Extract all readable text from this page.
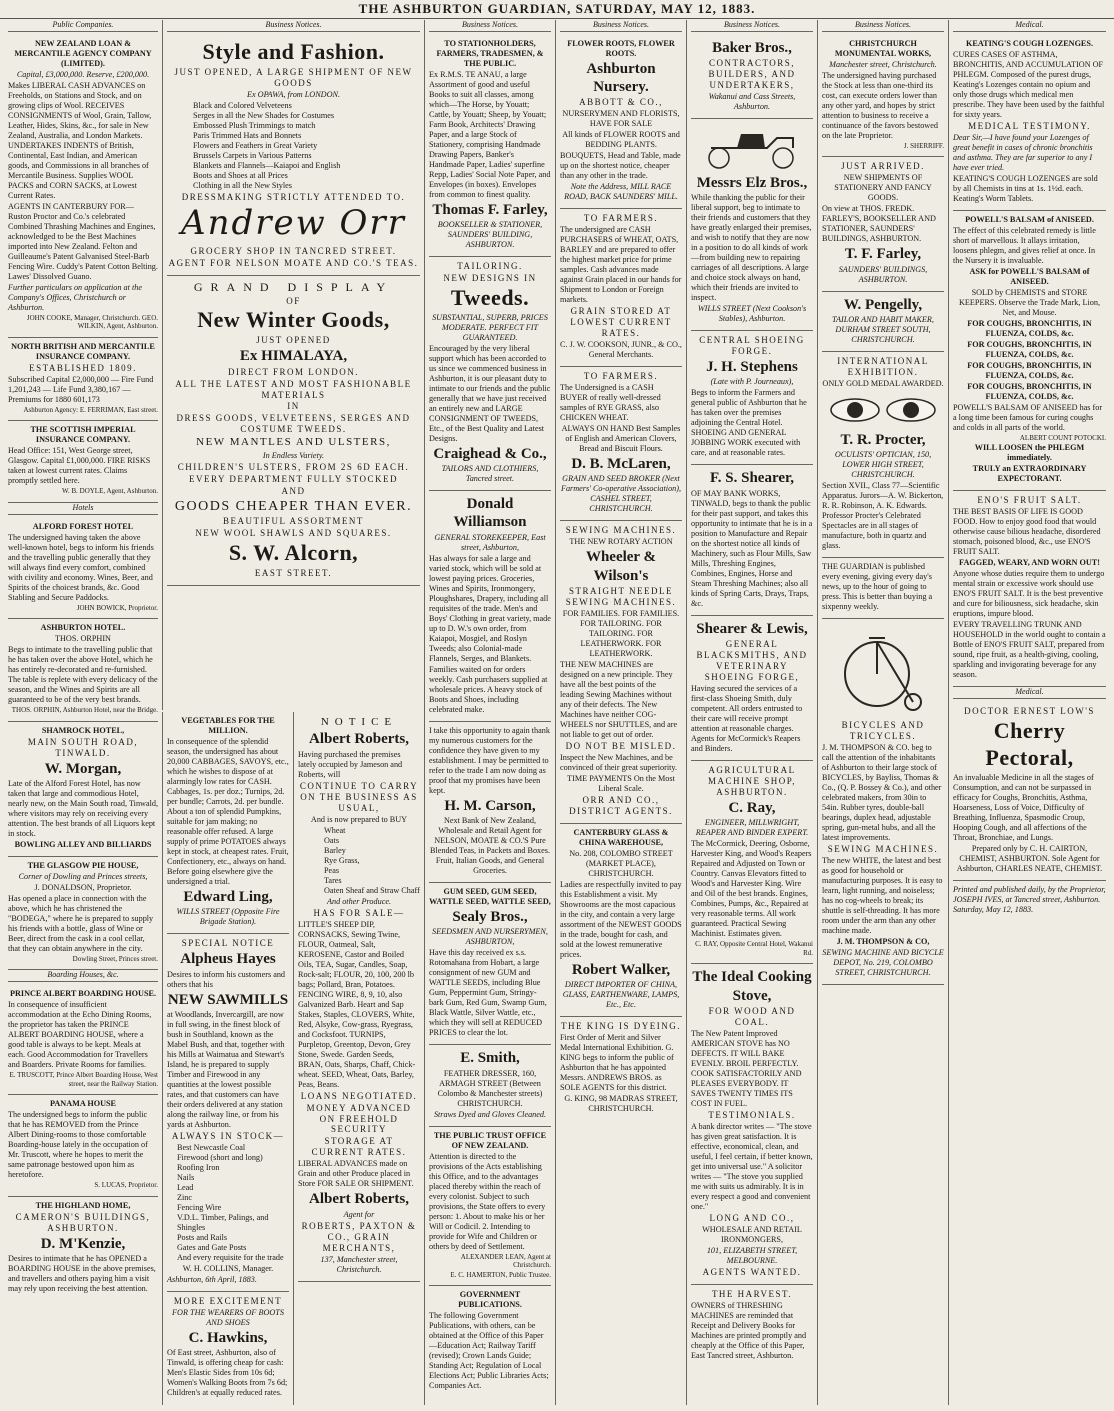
THE ASHBURTON GUARDIAN, SATURDAY, MAY 12, 1883.
Public Companies.

NEW ZEALAND LOAN & MERCANTILE AGENCY COMPANY (LIMITED).

Capital, £3,000,000. Reserve, £200,000.

Makes LIBERAL CASH ADVANCES on Freeholds, on Stations and Stock, and on growing clips of Wool. RECEIVES CONSIGNMENTS of Wool, Grain, Tallow, Leather, Hides, Skins, &c., for sale in New Zealand, Australia, and London Markets. UNDERTAKES INDENTS of British, Continental, East Indian, and American goods, and Commissions in all branches of Mercantile Business. Supplies WOOL PACKS and CORN SACKS, at Lowest Current Rates.

AGENTS IN CANTERBURY FOR— Ruston Proctor and Co.'s celebrated Combined Thrashing Machines and Engines, acknowledged to be the Best Machines imported into New Zealand. Felton and Guilleaume's Patent Galvanised Steel-Barb Fencing Wire. Cuddy's Patent Cotton Belting. Lawes' Dissolved Guano.

Further particulars on application at the Company's Offices, Christchurch or Ashburton.

JOHN COOKE, Manager, Christchurch. GEO. WILKIN, Agent, Ashburton.

NORTH BRITISH AND MERCANTILE INSURANCE COMPANY.

ESTABLISHED 1809.

Subscribed Capital £2,000,000 — Fire Fund 1,201,243 — Life Fund 3,380,167 — Premiums for 1880 601,173

Ashburton Agency: E. FERRIMAN, East street.

THE SCOTTISH IMPERIAL INSURANCE COMPANY.

Head Office: 151, West George street, Glasgow. Capital £1,000,000. FIRE RISKS taken at lowest current rates. Claims promptly settled here.

W. B. DOYLE, Agent, Ashburton.

Hotels

ALFORD FOREST HOTEL

The undersigned having taken the above well-known hotel, begs to inform his friends and the travelling public generally that they will always find every comfort, combined with civility and economy. Wines, Beer, and Spirits of the choicest brands, &c. Good Stabling and Secure Paddocks.

JOHN BOWICK, Proprietor.

ASHBURTON HOTEL.

THOS. ORPHIN

Begs to intimate to the travelling public that he has taken over the above Hotel, which he has entirely re-decorated and re-furnished. The table is replete with every delicacy of the season, and the Wines and Spirits are all guaranteed to be of the very best brands.

THOS. ORPHIN, Ashburton Hotel, near the Bridge.

SHAMROCK HOTEL,

MAIN SOUTH ROAD, TINWALD.

W. Morgan,

Late of the Alford Forest Hotel, has now taken that large and commodious Hotel, nearly new, on the Main South road, Tinwald, where visitors may rely on receiving every attention. The best brands of all Liquors kept in stock.

BOWLING ALLEY AND BILLIARDS

THE GLASGOW PIE HOUSE,

Corner of Dowling and Princes streets,

J. DONALDSON, Proprietor.

Has opened a place in connection with the above, which he has christened the "BODEGA," where he is prepared to supply his friends with a bottle, glass of Wine or Beer, direct from the cask in a cool cellar, that they can obtain anywhere in the city.

Dowling Street, Princes street.

Boarding Houses, &c.

PRINCE ALBERT BOARDING HOUSE.

In consequence of insufficient accommodation at the Echo Dining Rooms, the proprietor has taken the PRINCE ALBERT BOARDING HOUSE, where a good table is always to be kept. Meals at each. Good Accommodation for Travellers and Boarders. Private Rooms for families.

E. TRUSCOTT, Prince Albert Boarding House, West street, near the Railway Station.

PANAMA HOUSE

The undersigned begs to inform the public that he has REMOVED from the Prince Albert Dining-rooms to those comfortable Boarding-house lately in the occupation of Mr. Truscott, where he hopes to merit the same patronage bestowed upon him as heretofore.

S. LUCAS, Proprietor.

THE HIGHLAND HOME,

CAMERON'S BUILDINGS, ASHBURTON.

D. M'Kenzie,

Desires to intimate that he has OPENED a BOARDING HOUSE in the above premises, and travellers and others paying him a visit may rely upon receiving the best attention.

Business Notices.

Style and Fashion.

JUST OPENED, A LARGE SHIPMENT OF NEW GOODS

Ex OPAWA, from LONDON.

Black and Colored Velveteens
Serges in all the New Shades for Costumes
Embossed Plush Trimmings to match
Paris Trimmed Hats and Bonnets
Flowers and Feathers in Great Variety
Brussels Carpets in Various Patterns
Blankets and Flannels—Kaiapoi and English
Boots and Shoes at all Prices
Clothing in all the New Styles

DRESSMAKING STRICTLY ATTENDED TO.

Andrew Orr

GROCERY SHOP IN TANCRED STREET.

AGENT FOR NELSON MOATE AND CO.'S TEAS.

GRAND DISPLAY

OF

New Winter Goods,

JUST OPENED

Ex HIMALAYA,

DIRECT FROM LONDON.

ALL THE LATEST AND MOST FASHIONABLE MATERIALS

IN

DRESS GOODS, VELVETEENS, SERGES AND COSTUME TWEEDS.

NEW MANTLES AND ULSTERS,

In Endless Variety.

CHILDREN'S ULSTERS, FROM 2S 6D EACH.

EVERY DEPARTMENT FULLY STOCKED

AND

GOODS CHEAPER THAN EVER.

BEAUTIFUL ASSORTMENT

NEW WOOL SHAWLS AND SQUARES.

S. W. Alcorn,

EAST STREET.

VEGETABLES FOR THE MILLION.

In consequence of the splendid season, the undersigned has about 20,000 CABBAGES, SAVOYS, etc., which he wishes to dispose of at alarmingly low rates for CASH. Cabbages, 1s. per doz.; Turnips, 2d. per bundle; Carrots, 2d. per bundle. About a ton of splendid Pumpkins, suitable for jam making; no reasonable offer refused. A large supply of prime POTATOES always kept in stock, at cheapest rates. Fruit, Confectionery, etc., always on hand. Before going elsewhere give the undersigned a trial.

Edward Ling,

WILLS STREET (Opposite Fire Brigade Station).

SPECIAL NOTICE

Alpheus Hayes

Desires to inform his customers and others that his

NEW SAWMILLS

at Woodlands, Invercargill, are now in full swing, in the finest block of bush in Southland, known as the Mabel Bush, and that, together with his Mills at Waimatua and Stewart's Island, he is prepared to supply Timber and Firewood in any quantities at the lowest possible rates, and that customers can have their orders delivered at any station along the railway line, or from his yards at Ashburton.

ALWAYS IN STOCK—

Best Newcastle Coal
Firewood (short and long)
Roofing Iron
Nails
Lead
Zinc
Fencing Wire
V.D.L. Timber, Palings, and Shingles
Posts and Rails
Gates and Gate Posts
And every requisite for the trade

W. H. COLLINS, Manager.

Ashburton, 6th April, 1883.

MORE EXCITEMENT

FOR THE WEARERS OF BOOTS AND SHOES

C. Hawkins,

Of East street, Ashburton, also of Tinwald, is offering cheap for cash: Men's Elastic Sides from 10s 6d; Women's Walking Boots from 7s 6d; Children's at equally reduced rates.

NOTICE

Albert Roberts,

Having purchased the premises lately occupied by Jameson and Roberts, will

CONTINUE TO CARRY ON THE BUSINESS AS USUAL,

And is now prepared to BUY

Wheat
Oats
Barley
Rye Grass,
Peas
Tares
Oaten Sheaf and Straw Chaff

And other Produce.

HAS FOR SALE—

LITTLE'S SHEEP DIP, CORNSACKS, Sewing Twine, FLOUR, Oatmeal, Salt, KEROSENE, Castor and Boiled Oils, TEA, Sugar, Candles, Soap, Rock-salt; FLOUR, 20, 100, 200 lb bags; Pollard, Bran, Potatoes. FENCING WIRE, 8, 9, 10, also Galvanized Barb. Heart and Sap Stakes, Staples, CLOVERS, White, Red, Alsyke, Cow-grass, Ryegrass, and Cocksfoot. TURNIPS, Purpletop, Greentop, Devon, Grey Stone, Swede. Garden Seeds, BRAN, Oats, Sharps, Chaff, Chick-wheat. SEED, Wheat, Oats, Barley, Peas, Beans.

LOANS NEGOTIATED.

MONEY ADVANCED ON FREEHOLD SECURITY

STORAGE AT CURRENT RATES.

LIBERAL ADVANCES made on Grain and other Produce placed in Store FOR SALE OR SHIPMENT.

Albert Roberts,

Agent for

ROBERTS, PAXTON & CO., GRAIN MERCHANTS,

137, Manchester street, Christchurch.

Business Notices.

TO STATIONHOLDERS, FARMERS, TRADESMEN, & THE PUBLIC.

Ex R.M.S. TE ANAU, a large Assortment of good and useful Books to suit all classes, among which—The Horse, by Youatt; Cattle, by Youatt; Sheep, by Youatt; Farm Book, Architects' Drawing Paper, and a large Stock of Stationery, comprising Handmade Drawing Papers, Banker's Handmade Paper, Ladies' superfine Repp, Ladies' Social Note Paper, and Envelopes (in boxes). Envelopes from common to finest quality.

Thomas F. Farley,

BOOKSELLER & STATIONER, SAUNDERS' BUILDING, ASHBURTON.

TAILORING.

NEW DESIGNS IN

Tweeds.

SUBSTANTIAL, SUPERB, PRICES MODERATE. PERFECT FIT GUARANTEED.

Encouraged by the very liberal support which has been accorded to us since we commenced business in Ashburton, it is our pleasant duty to intimate to our friends and the public generally that we have just received an entirely new and LARGE CONSIGNMENT OF TWEEDS, Etc., of the Best Quality and Latest Designs.

Craighead & Co.,

TAILORS AND CLOTHIERS, Tancred street.

Donald Williamson

GENERAL STOREKEEPER, East street, Ashburton,

Has always for sale a large and varied stock, which will be sold at lowest paying prices. Groceries, Wines and Spirits, Ironmongery, Ploughshares, Drapery, including all requisites of the trade. Men's and Boys' Clothing in great variety, made up to D. W.'s own order, from Kaiapoi, Mosgiel, and Roslyn Tweeds; also Colonial-made Flannels, Serges, and Blankets.

Families waited on for orders weekly. Cash purchasers supplied at wholesale prices. A heavy stock of Boots and Shoes, including celebrated make.

I take this opportunity to again thank my numerous customers for the confidence they have given to my establishment. I may be permitted to refer to the trade I am now doing as proof that my promises have been kept.

H. M. Carson,

Next Bank of New Zealand, Wholesale and Retail Agent for NELSON, MOATE & CO.'S Pure Blended Teas, in Packets and Boxes. Fruit, Italian Goods, and General Groceries.

GUM SEED, GUM SEED, WATTLE SEED, WATTLE SEED,

Sealy Bros.,

SEEDSMEN AND NURSERYMEN, ASHBURTON,

Have this day received ex s.s. Rotomahana from Hobart, a large consignment of new GUM and WATTLE SEEDS, including Blue Gum, Peppermint Gum, Stringy-bark Gum, Red Gum, Swamp Gum, Black Wattle, Silver Wattle, etc., which they will sell at REDUCED PRICES to clear the lot.

E. Smith,

FEATHER DRESSER, 160, ARMAGH STREET (Between Colombo & Manchester streets) CHRISTCHURCH.

Straws Dyed and Gloves Cleaned.

THE PUBLIC TRUST OFFICE OF NEW ZEALAND.

Attention is directed to the provisions of the Acts establishing this Office, and to the advantages placed thereby within the reach of every colonist. Subject to such provisions, the State offers to every person: 1. About to make his or her Will or Codicil. 2. Intending to provide for Wife and Children or others by deed of Settlement.

ALEXANDER LEAN, Agent at Christchurch.

E. C. HAMERTON, Public Trustee.

GOVERNMENT PUBLICATIONS.

The following Government Publications, with others, can be obtained at the Office of this Paper—Education Act; Railway Tariff (revised); Crown Lands Guide; Standing Act; Regulation of Local Elections Act; Public Libraries Acts; Companies Act.

Business Notices.

FLOWER ROOTS, FLOWER ROOTS.

Ashburton Nursery.

ABBOTT & CO.,

NURSERYMEN AND FLORISTS, HAVE FOR SALE

All kinds of FLOWER ROOTS and BEDDING PLANTS.

BOUQUETS, Head and Table, made up on the shortest notice, cheaper than any other in the trade.

Note the Address, MILL RACE ROAD, BACK SAUNDERS' MILL.

TO FARMERS.

The undersigned are CASH PURCHASERS of WHEAT, OATS, BARLEY and are prepared to offer the highest market price for prime samples. Cash advances made against Grain placed in our hands for Shipment to London or Foreign markets.

GRAIN STORED AT LOWEST CURRENT RATES.

C. J. W. COOKSON, JUNR., & CO., General Merchants.

TO FARMERS.

The Undersigned is a CASH BUYER of really well-dressed samples of RYE GRASS, also CHICKEN WHEAT.

ALWAYS ON HAND Best Samples of English and American Clovers, Bread and Biscuit Flours.

D. B. McLaren,

GRAIN AND SEED BROKER (Next Farmers' Co-operative Association), CASHEL STREET, CHRISTCHURCH.

SEWING MACHINES.

THE NEW ROTARY ACTION

Wheeler & Wilson's

STRAIGHT NEEDLE SEWING MACHINES.

FOR FAMILIES. FOR FAMILIES. FOR TAILORING. FOR TAILORING. FOR LEATHERWORK. FOR LEATHERWORK.

THE NEW MACHINES are designed on a new principle. They have all the best points of the leading Sewing Machines without any of their defects. The New Machines have neither COG-WHEELS nor SHUTTLES, and are not liable to get out of order.

DO NOT BE MISLED.

Inspect the New Machines, and be convinced of their great superiority.

TIME PAYMENTS On the Most Liberal Scale.

ORR AND CO., DISTRICT AGENTS.

CANTERBURY GLASS & CHINA WAREHOUSE,

No. 208, COLOMBO STREET (MARKET PLACE), CHRISTCHURCH.

Ladies are respectfully invited to pay this Establishment a visit. My Showrooms are the most capacious in the city, and contain a very large assortment of the NEWEST GOODS in the trade, bought for cash, and sold at the lowest remunerative prices.

Robert Walker,

DIRECT IMPORTER OF CHINA, GLASS, EARTHENWARE, LAMPS, Etc., Etc.

THE KING IS DYEING.

First Order of Merit and Silver Medal International Exhibition. G. KING begs to inform the public of Ashburton that he has appointed Messrs. ANDREWS BROS. as SOLE AGENTS for this district.

G. KING, 98 MADRAS STREET, CHRISTCHURCH.

Business Notices.

Baker Bros.,

CONTRACTORS, BUILDERS, AND UNDERTAKERS,

Wakanui and Cass Streets, Ashburton.

Messrs Elz Bros.,

While thanking the public for their liberal support, beg to intimate to their friends and customers that they have greatly enlarged their premises, and wish to notify that they are now in a position to do all kinds of work—from building new to repairing carriages of all descriptions. A large and choice stock always on hand, which their friends are invited to inspect.

WILLS STREET (Next Cookson's Stables), Ashburton.

CENTRAL SHOEING FORGE.

J. H. Stephens

(Late with P. Journeaux),

Begs to inform the Farmers and general public of Ashburton that he has taken over the premises adjoining the Central Hotel. SHOEING AND GENERAL JOBBING WORK executed with care, and at reasonable rates.

F. S. Shearer,

OF MAY BANK WORKS, TINWALD, begs to thank the public for their past support, and takes this opportunity to intimate that he is in a position to Manufacture and Repair on the shortest notice all kinds of Machinery, such as Flour Mills, Saw Mills, Threshing Engines, Combines, Engines, Horse and Steam Threshing Machines; also all kinds of Spring Carts, Drays, Traps, &c.

Shearer & Lewis,

GENERAL BLACKSMITHS, AND VETERINARY SHOEING FORGE,

Having secured the services of a first-class Shoeing Smith, duly competent. All orders entrusted to their care will receive prompt attention at reasonable charges. Agents for McCormick's Reapers and Binders.

AGRICULTURAL MACHINE SHOP, ASHBURTON.

C. Ray,

ENGINEER, MILLWRIGHT, REAPER AND BINDER EXPERT.

The McCormick, Deering, Osborne, Harvester King, and Wood's Reapers Repaired and Adjusted on Town or Country. Canvas Elevators fitted to Wood's and Harvester King. Wire and Oil of the best brands. Engines, Combines, Pumps, &c., Repaired at very reasonable terms. All work guaranteed. Practical Sewing Machinist. Estimates given.

C. RAY, Opposite Central Hotel, Wakanui Rd.

The Ideal Cooking Stove,

FOR WOOD AND COAL.

The New Patent Improved AMERICAN STOVE has NO DEFECTS. IT WILL BAKE EVENLY. BROIL PERFECTLY. COOK SATISFACTORILY AND PLEASES EVERYBODY. IT SAVES TWENTY TIMES ITS COST IN FUEL.

TESTIMONIALS.

A bank director writes — "The stove has given great satisfaction. It is effective, economical, clean, and useful, I feel certain, if better known, get into universal use." A solicitor writes — "The stove you supplied me with suits us admirably. It is in every respect a good and convenient one."

LONG AND CO.,

WHOLESALE AND RETAIL IRONMONGERS,

101, ELIZABETH STREET, MELBOURNE.

AGENTS WANTED.

THE HARVEST.

OWNERS of THRESHING MACHINES are reminded that Receipt and Delivery Books for Machines are printed promptly and cheaply at the Office of this Paper, East Tancred street, Ashburton.

Business Notices.

CHRISTCHURCH MONUMENTAL WORKS,

Manchester street, Christchurch.

The undersigned having purchased the Stock at less than one-third its cost, can execute orders lower than any other yard, and hopes by strict attention to business to receive a continuance of the favors bestowed on the late Proprietor.

J. SHERRIFF.

JUST ARRIVED.

NEW SHIPMENTS OF STATIONERY AND FANCY GOODS.

On view at THOS. FREDK. FARLEY'S, BOOKSELLER AND STATIONER, SAUNDERS' BUILDINGS, ASHBURTON.

T. F. Farley,

SAUNDERS' BUILDINGS, ASHBURTON.

W. Pengelly,

TAILOR AND HABIT MAKER, DURHAM STREET SOUTH, CHRISTCHURCH.

INTERNATIONAL EXHIBITION.

ONLY GOLD MEDAL AWARDED.

T. R. Procter,

OCULISTS' OPTICIAN, 150, LOWER HIGH STREET, CHRISTCHURCH.

Section XVII., Class 77—Scientific Apparatus. Jurors—A. W. Bickerton, R. R. Robinson, A. K. Edwards. Professor Procter's Celebrated Spectacles are in all stages of manufacture, both in quartz and glass.

THE GUARDIAN is published every evening, giving every day's news, up to the hour of going to press. This is better than buying a sixpenny weekly.

BICYCLES AND TRICYCLES.

J. M. THOMPSON & CO. beg to call the attention of the inhabitants of Ashburton to their large stock of BICYCLES, by Bayliss, Thomas & Co., (Q. P. Bossey & Co.), and other celebrated makers, from 30in to 54in. Rubber tyres, double-ball bearings, duplex head, adjustable spring, gun-metal hubs, and all the latest improvements.

SEWING MACHINES.

The new WHITE, the latest and best as good for household or manufacturing purposes. It is easy to learn, light running, and noiseless; has no cog-wheels to break; its shuttle is self-threading. It has more room under the arm than any other machine made.

J. M. THOMPSON & CO,

SEWING MACHINE AND BICYCLE DEPOT, No. 219, COLOMBO STREET, CHRISTCHURCH.

Medical.

KEATING'S COUGH LOZENGES.

CURES CASES OF ASTHMA, BRONCHITIS, AND ACCUMULATION OF PHLEGM. Composed of the purest drugs, Keating's Lozenges contain no opium and only those drugs which medical men prescribe. They have been used by the faithful for sixty years.

MEDICAL TESTIMONY.

Dear Sir,—I have found your Lozenges of great benefit in cases of chronic bronchitis and asthma. They are far superior to any I have ever tried.

KEATING'S COUGH LOZENGES are sold by all Chemists in tins at 1s. 1½d. each. Keating's Worm Tablets.

POWELL'S BALSAM of ANISEED.

The effect of this celebrated remedy is little short of marvellous. It allays irritation, loosens phlegm, and gives relief at once. In the Nursery it is invaluable.

ASK for POWELL'S BALSAM of ANISEED.

SOLD by CHEMISTS and STORE KEEPERS. Observe the Trade Mark, Lion, Net, and Mouse.

FOR COUGHS, BRONCHITIS, IN FLUENZA, COLDS, &c.

FOR COUGHS, BRONCHITIS, IN FLUENZA, COLDS, &c.

FOR COUGHS, BRONCHITIS, IN FLUENZA, COLDS, &c.

FOR COUGHS, BRONCHITIS, IN FLUENZA, COLDS, &c.

POWELL'S BALSAM OF ANISEED has for a long time been famous for curing coughs and colds in all parts of the world.

ALBERT COUNT POTOCKI.

WILL LOOSEN the PHLEGM immediately.

TRULY an EXTRAORDINARY EXPECTORANT.

ENO'S FRUIT SALT.

THE BEST BASIS OF LIFE IS GOOD FOOD. How to enjoy good food that would otherwise cause bilious headache, disordered stomach, poisoned blood, &c., use ENO'S FRUIT SALT.

FAGGED, WEARY, AND WORN OUT!

Anyone whose duties require them to undergo mental strain or excessive work should use ENO'S FRUIT SALT. It is the best preventive and cure for biliousness, sick headache, skin eruptions, impure blood.

EVERY TRAVELLING TRUNK AND HOUSEHOLD in the world ought to contain a Bottle of ENO'S FRUIT SALT, prepared from sound, ripe fruit, as a health-giving, cooling, sparkling and invigorating beverage for any season.

Medical.

DOCTOR ERNEST LOW'S

Cherry Pectoral,

An invaluable Medicine in all the stages of Consumption, and can not be surpassed in efficacy for Coughs, Bronchitis, Asthma, Hoarseness, Loss of Voice, Difficulty of Breathing, Influenza, Spasmodic Croup, Hooping Cough, and all affections of the Throat, Bronchiae, and Lungs.

Prepared only by C. H. CAIRTON, CHEMIST, ASHBURTON. Sole Agent for Ashburton, CHARLES NEATE, CHEMIST.

Printed and published daily, by the Proprietor, JOSEPH IVES, at Tancred street, Ashburton. Saturday, May 12, 1883.
